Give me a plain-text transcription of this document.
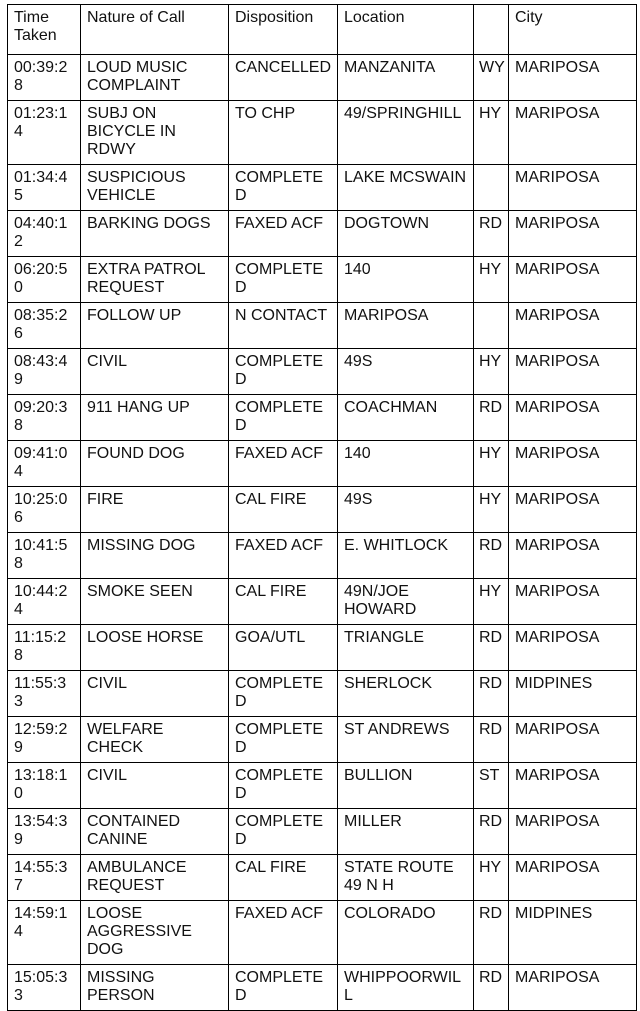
Time Taken	Nature of Call	Disposition	Location		City
00:39:28	LOUD MUSIC COMPLAINT	CANCELLED	MANZANITA	WY	MARIPOSA
01:23:14	SUBJ ON BICYCLE IN RDWY	TO CHP	49/SPRINGHILL	HY	MARIPOSA
01:34:45	SUSPICIOUS VEHICLE	COMPLETED	LAKE MCSWAIN		MARIPOSA
04:40:12	BARKING DOGS	FAXED ACF	DOGTOWN	RD	MARIPOSA
06:20:50	EXTRA PATROL REQUEST	COMPLETED	140	HY	MARIPOSA
08:35:26	FOLLOW UP	N CONTACT	MARIPOSA		MARIPOSA
08:43:49	CIVIL	COMPLETED	49S	HY	MARIPOSA
09:20:38	911 HANG UP	COMPLETED	COACHMAN	RD	MARIPOSA
09:41:04	FOUND DOG	FAXED ACF	140	HY	MARIPOSA
10:25:06	FIRE	CAL FIRE	49S	HY	MARIPOSA
10:41:58	MISSING DOG	FAXED ACF	E. WHITLOCK	RD	MARIPOSA
10:44:24	SMOKE SEEN	CAL FIRE	49N/JOE HOWARD	HY	MARIPOSA
11:15:28	LOOSE HORSE	GOA/UTL	TRIANGLE	RD	MARIPOSA
11:55:33	CIVIL	COMPLETED	SHERLOCK	RD	MIDPINES
12:59:29	WELFARE CHECK	COMPLETED	ST ANDREWS	RD	MARIPOSA
13:18:10	CIVIL	COMPLETED	BULLION	ST	MARIPOSA
13:54:39	CONTAINED CANINE	COMPLETED	MILLER	RD	MARIPOSA
14:55:37	AMBULANCE REQUEST	CAL FIRE	STATE ROUTE 49 N H	HY	MARIPOSA
14:59:14	LOOSE AGGRESSIVE DOG	FAXED ACF	COLORADO	RD	MIDPINES
15:05:33	MISSING PERSON	COMPLETED	WHIPPOORWILL	RD	MARIPOSA
